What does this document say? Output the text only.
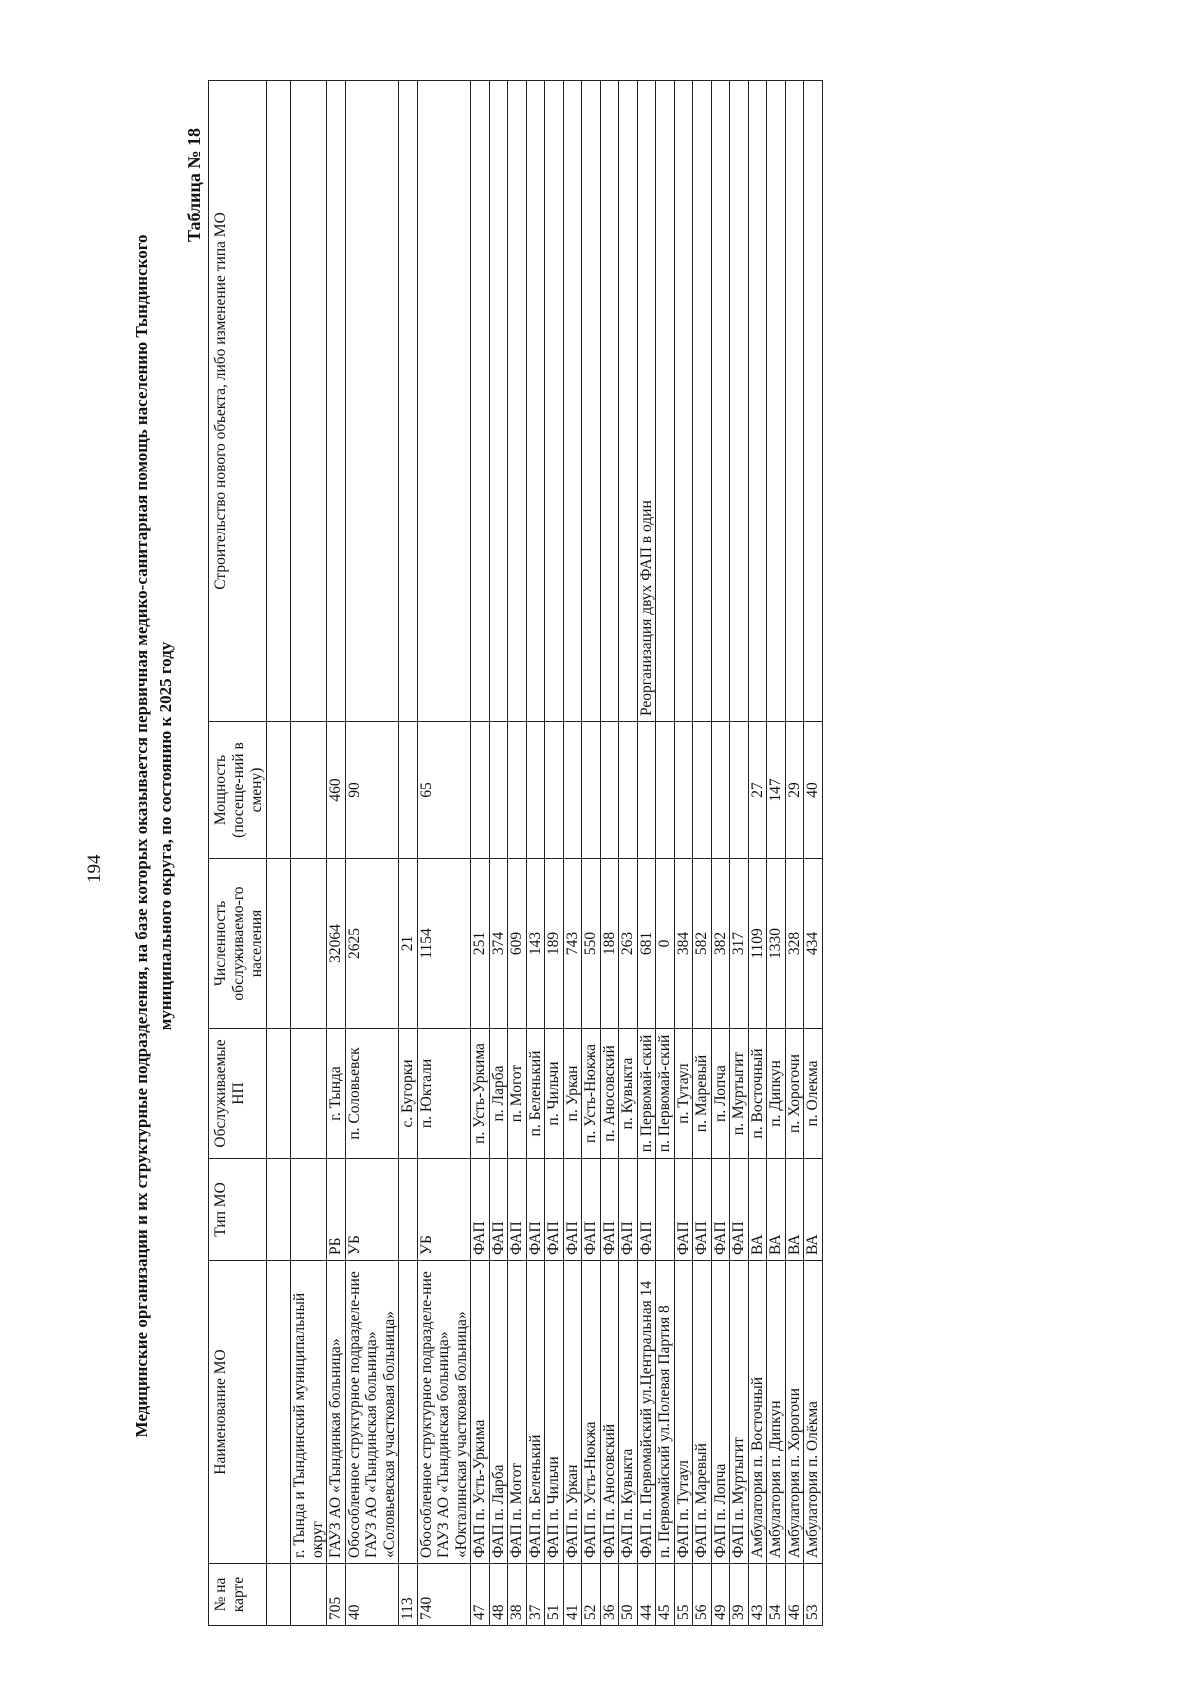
194 Медицинские организации и их структурные подразделения, на базе которых оказывается первичная медико-санитарная помощь населению Тындинского муниципального округа, по состоянию к 2025 году
Таблица № 18
№ на карте	Наименование МО	Тип МО	Обслуживаемые НП	Численность обслуживаемо-го населения	Мощность (посеще-ний в смену)	Строительство нового объекта, либо изменение типа МО

	г. Тында и Тындинский муниципальный округ					
705	ГАУЗ АО «Тындинкая больница»	РБ	г. Тында	32064	460	
40	Обособленное структурное подразделе-ние ГАУЗ АО «Тындинская больница» «Соловьевская участковая больница»	УБ	п. Соловьевск	2625	90	
113			с. Бугорки	21		
740	Обособленное структурное подразделе-ние ГАУЗ АО «Тындинская больница» «Юкталинская участковая больница»	УБ	п. Юктали	1154	65	
47	ФАП п. Усть-Уркима	ФАП	п. Усть-Уркима	251		
48	ФАП п. Ларба	ФАП	п. Ларба	374		
38	ФАП п. Могот	ФАП	п. Могот	609		
37	ФАП п. Беленький	ФАП	п. Беленький	143		
51	ФАП п. Чильчи	ФАП	п. Чильчи	189		
41	ФАП п. Уркан	ФАП	п. Уркан	743		
52	ФАП п. Усть-Нюкжа	ФАП	п. Усть-Нюкжа	550		
36	ФАП п. Аносовский	ФАП	п. Аносовский	188		
50	ФАП п. Кувыкта	ФАП	п. Кувыкта	263		
44	ФАП п. Первомайский ул.Центральная 14	ФАП	п. Первомай-ский	681		Реорганизация двух ФАП в один
45	п. Первомайский ул.Полевая Партия 8		п. Первомай-ский	0		
55	ФАП п. Тутаул	ФАП	п. Тутаул	384		
56	ФАП п. Маревый	ФАП	п. Маревый	582		
49	ФАП п. Лопча	ФАП	п. Лопча	382		
39	ФАП п. Муртыгит	ФАП	п. Муртыгит	317		
43	Амбулатория п. Восточный	ВА	п. Восточный	1109	27	
54	Амбулатория п. Дипкун	ВА	п. Дипкун	1330	147	
46	Амбулатория п. Хорогочи	ВА	п. Хорогочи	328	29	
53	Амбулатория п. Олёкма	ВА	п. Олекма	434	40	
